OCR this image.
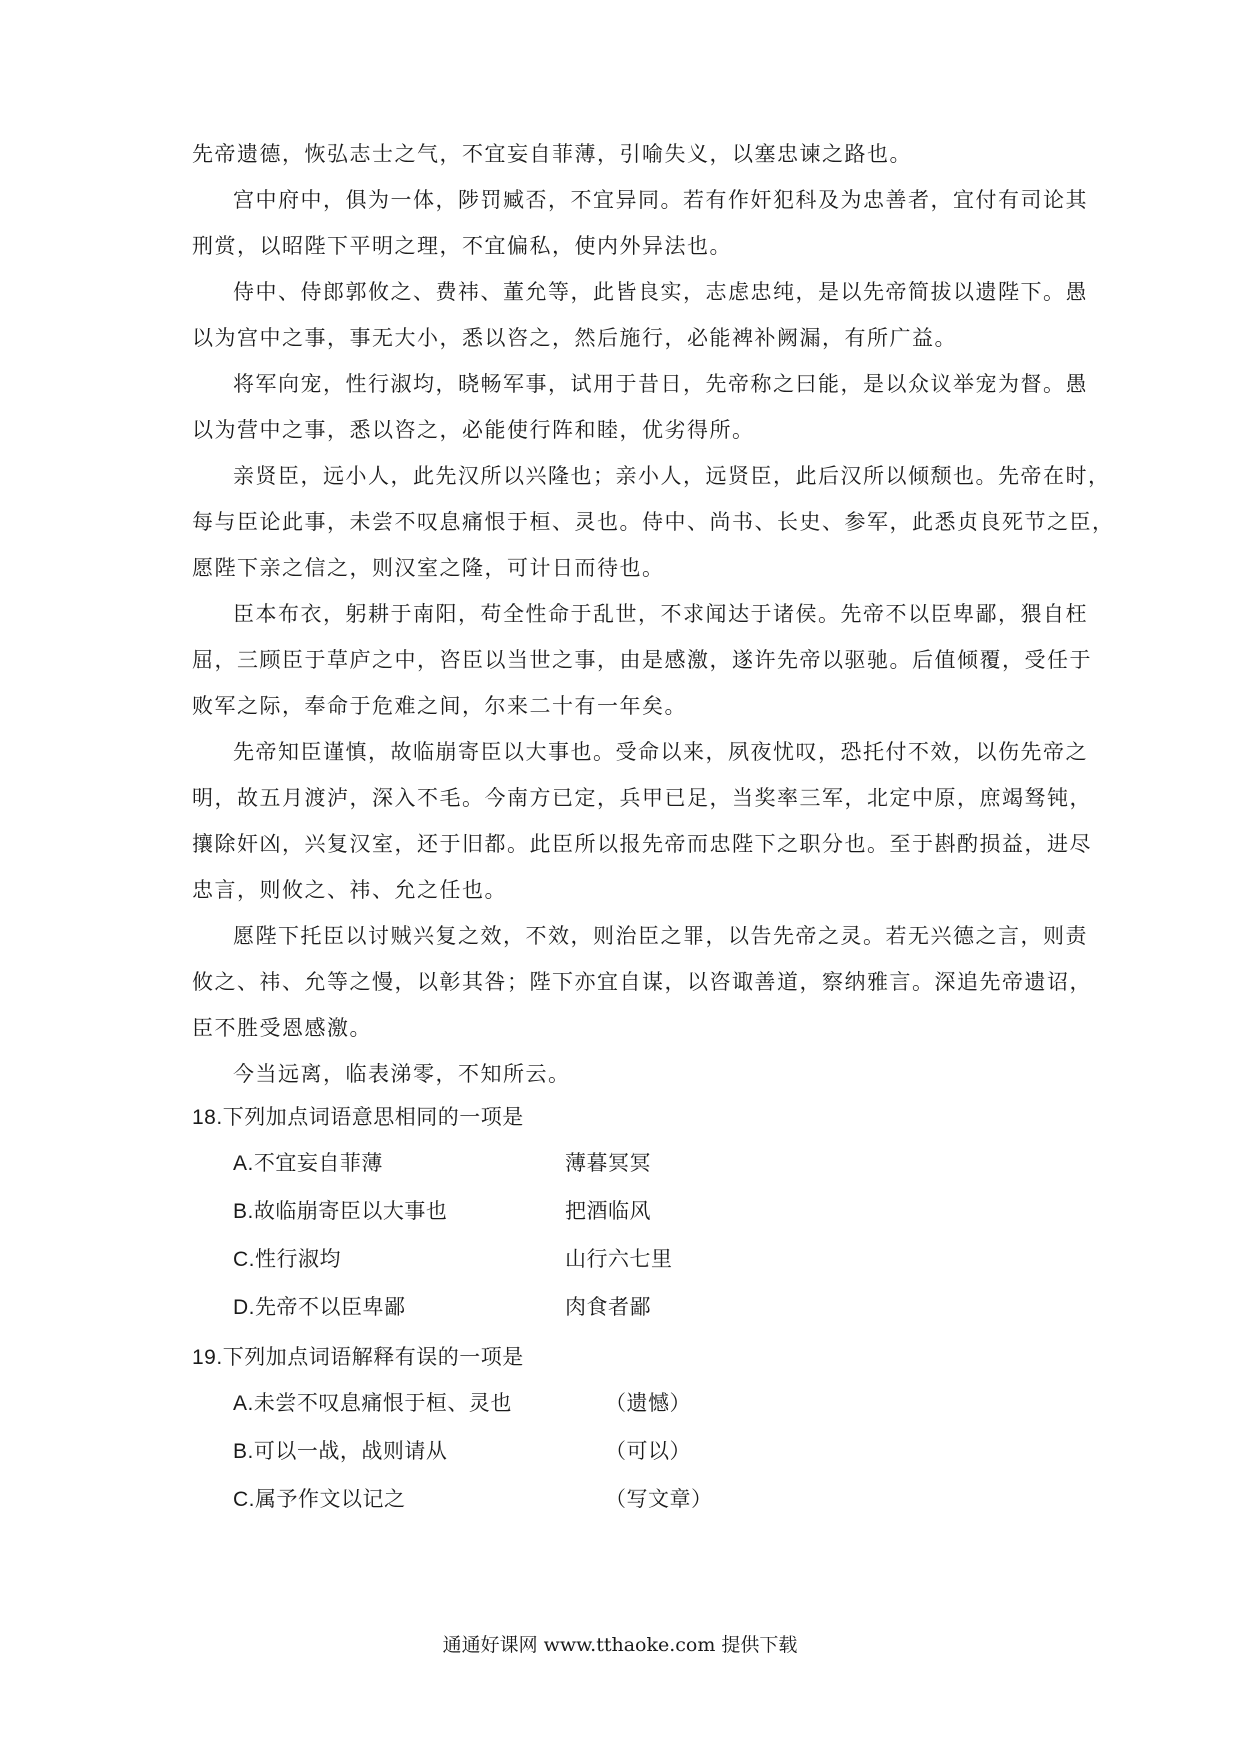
先帝遗德，恢弘志士之气，不宜妄自菲薄，引喻失义，以塞忠谏之路也。
宫中府中，俱为一体，陟罚臧否，不宜异同。若有作奸犯科及为忠善者，宜付有司论其
刑赏，以昭陛下平明之理，不宜偏私，使内外异法也。
侍中、侍郎郭攸之、费祎、董允等，此皆良实，志虑忠纯，是以先帝简拔以遗陛下。愚
以为宫中之事，事无大小，悉以咨之，然后施行，必能裨补阙漏，有所广益。
将军向宠，性行淑均，晓畅军事，试用于昔日，先帝称之曰能，是以众议举宠为督。愚
以为营中之事，悉以咨之，必能使行阵和睦，优劣得所。
亲贤臣，远小人，此先汉所以兴隆也；亲小人，远贤臣，此后汉所以倾颓也。先帝在时，
每与臣论此事，未尝不叹息痛恨于桓、灵也。侍中、尚书、长史、参军，此悉贞良死节之臣，
愿陛下亲之信之，则汉室之隆，可计日而待也。
臣本布衣，躬耕于南阳，苟全性命于乱世，不求闻达于诸侯。先帝不以臣卑鄙，猥自枉
屈，三顾臣于草庐之中，咨臣以当世之事，由是感激，遂许先帝以驱驰。后值倾覆，受任于
败军之际，奉命于危难之间，尔来二十有一年矣。
先帝知臣谨慎，故临崩寄臣以大事也。受命以来，夙夜忧叹，恐托付不效，以伤先帝之
明，故五月渡泸，深入不毛。今南方已定，兵甲已足，当奖率三军，北定中原，庶竭驽钝，
攘除奸凶，兴复汉室，还于旧都。此臣所以报先帝而忠陛下之职分也。至于斟酌损益，进尽
忠言，则攸之、祎、允之任也。
愿陛下托臣以讨贼兴复之效，不效，则治臣之罪，以告先帝之灵。若无兴德之言，则责
攸之、祎、允等之慢，以彰其咎；陛下亦宜自谋，以咨诹善道，察纳雅言。深追先帝遗诏，
臣不胜受恩感激。
今当远离，临表涕零，不知所云。
18.下列加点词语意思相同的一项是
A.不宜妄自菲薄	薄暮冥冥
B.故临崩寄臣以大事也	把酒临风
C.性行淑均	山行六七里
D.先帝不以臣卑鄙	肉食者鄙
19.下列加点词语解释有误的一项是
A.未尝不叹息痛恨于桓、灵也	（遗憾）
B.可以一战，战则请从	（可以）
C.属予作文以记之	（写文章）
通通好课网 www.tthaoke.com 提供下载
